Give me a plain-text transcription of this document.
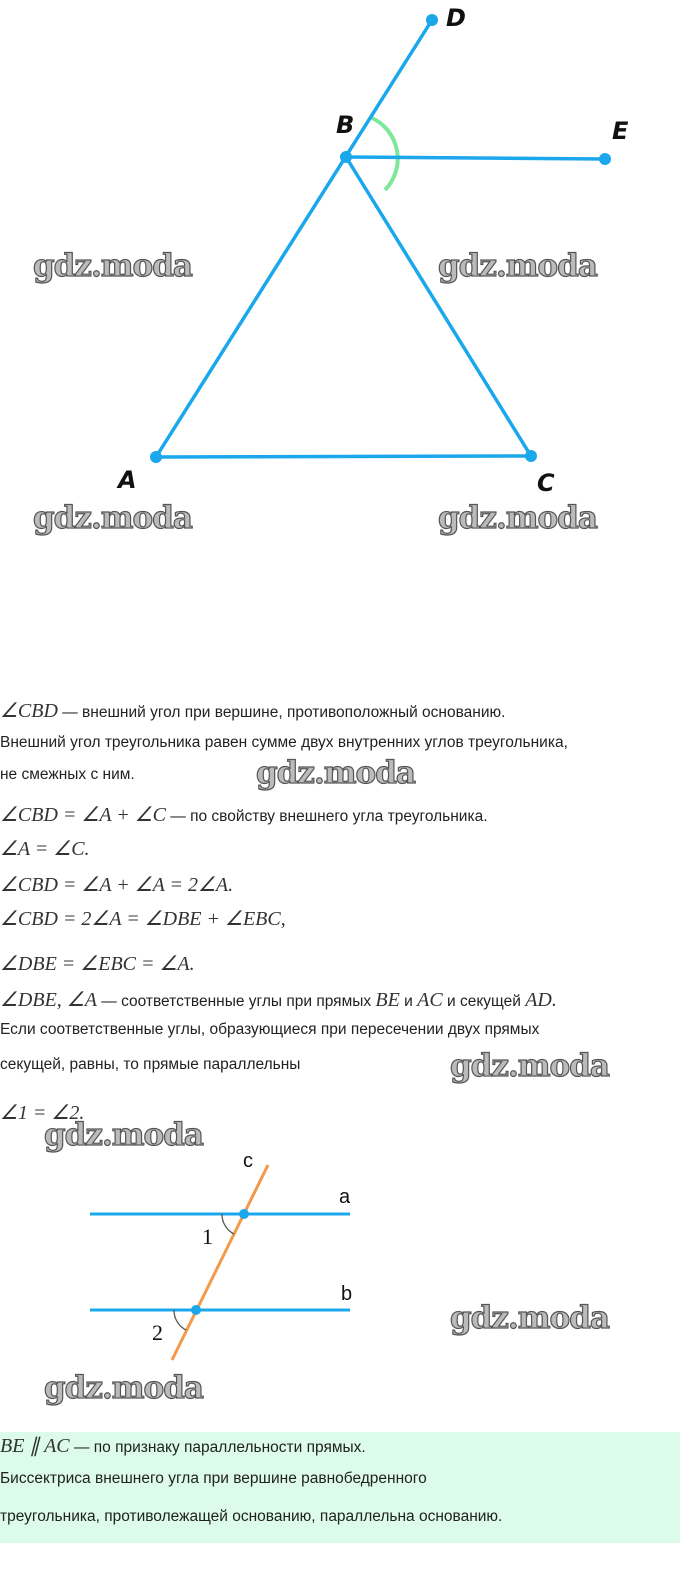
D
B	E
A	C
c
a
b
1
2
∠CBD — внешний угол при вершине, противоположный основанию.
Внешний угол треугольника равен сумме двух внутренних углов треугольника,
не смежных с ним.
∠CBD = ∠A + ∠C — по свойству внешнего угла треугольника.
∠A = ∠C.
∠CBD = ∠A + ∠A = 2∠A.
∠CBD = 2∠A = ∠DBE + ∠EBC,
∠DBE = ∠EBC = ∠A.
∠DBE, ∠A — соответственные углы при прямых BE и AC и секущей AD.
Если соответственные углы, образующиеся при пересечении двух прямых
секущей, равны, то прямые параллельны
∠1 = ∠2.
BE ∥ AC — по признаку параллельности прямых.
Биссектриса внешнего угла при вершине равнобедренного
треугольника, противолежащей основанию, параллельна основанию.
gdz.moda	gdz.moda
gdz.moda	gdz.moda
gdz.moda
gdz.moda
gdz.moda
gdz.moda
gdz.moda
